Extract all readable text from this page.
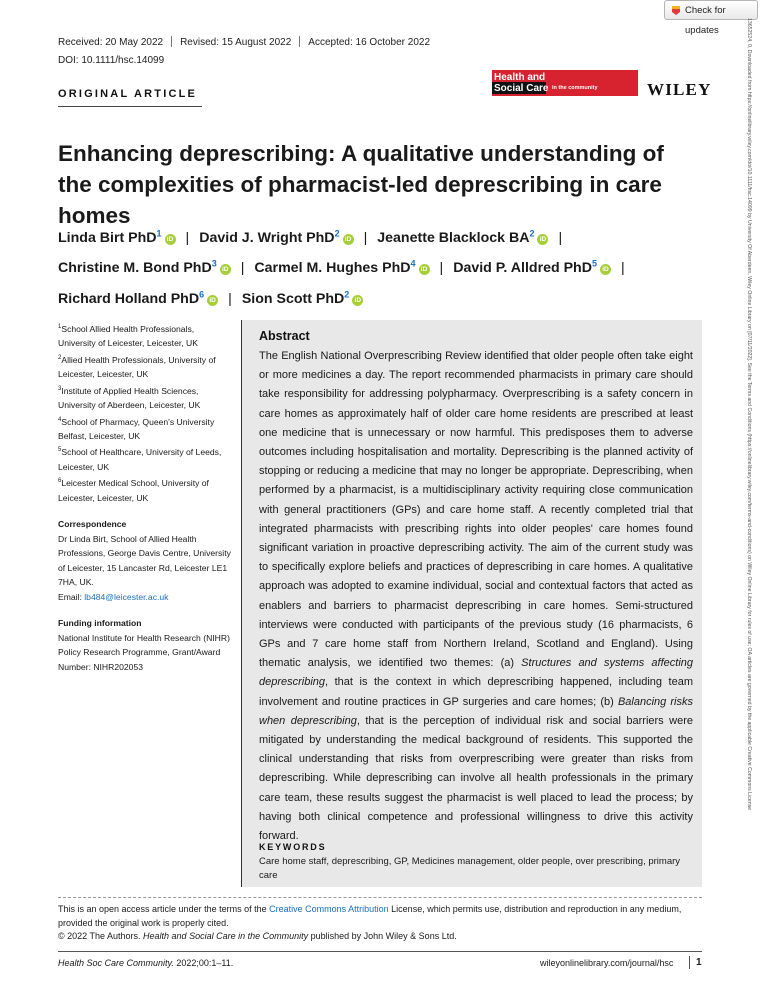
Check for updates	13652524, 0, Downloaded from https://onlinelibrary.wiley.com/doi/10.1111/hsc.14099 by University Of Aberdeen, Wiley Online Library on [07/11/2022]. See the Terms and Conditions (https://onlinelibrary.wiley.com/terms-and-conditions) on Wiley Online Library for rules of use; OA articles are governed by the applicable Creative Commons License
Received: 20 May 2022 Revised: 15 August 2022 Accepted: 16 October 2022
DOI: 10.1111/hsc.14099
ORIGINAL ARTICLE
Health and
Social Care in the community	WILEY
Enhancing deprescribing: A qualitative understanding of the complexities of pharmacist-led deprescribing in care homes
Linda Birt PhD$^1$iD | David J. Wright PhD$^2$iD | Jeanette Blacklock $BA^2iD$ |
Christine M. Bond PhD$^3$iD | Carmel M. Hughes PhD$^4$iD | David P. Alldred PhD$^5$iD |
Richard Holland PhD$^6$iD | Sion Scott PhD$^2$iD
$^1$School Allied Health Professionals, University of Leicester, Leicester, UK
$^2$Allied Health Professionals, University of Leicester, Leicester, UK
$^3$Institute of Applied Health Sciences, University of Aberdeen, Leicester, UK
$^4$School of Pharmacy, Queen's University Belfast, Leicester, UK
$^5$School of Healthcare, University of Leeds, Leicester, UK
$^6$Leicester Medical School, University of Leicester, Leicester, UK
Correspondence
Dr Linda Birt, School of Allied Health Professions, George Davis Centre, University of Leicester, 15 Lancaster Rd, Leicester LE1 7HA, UK.
Email: lb484@leicester.ac.uk
Funding information
National Institute for Health Research (NIHR) Policy Research Programme, Grant/Award Number: NIHR202053
Abstract
The English National Overprescribing Review identified that older people often take eight or more medicines a day. The report recommended pharmacists in primary care should take responsibility for addressing polypharmacy. Overprescribing is a safety concern in care homes as approximately half of older care home residents are prescribed at least one medicine that is unnecessary or now harmful. This predisposes them to adverse outcomes including hospitalisation and mortality. Deprescribing is the planned activity of stopping or reducing a medicine that may no longer be appropriate. Deprescribing, when performed by a pharmacist, is a multidisciplinary activity requiring close communication with general practitioners (GPs) and care home staff. A recently completed trial that integrated pharmacists with prescribing rights into older peoples' care homes found significant variation in proactive deprescribing activity. The aim of the current study was to specifically explore beliefs and practices of deprescribing in care homes. A qualitative approach was adopted to examine individual, social and contextual factors that acted as enablers and barriers to pharmacist deprescribing in care homes. Semi-structured interviews were conducted with participants of the previous study (16 pharmacists, 6 GPs and 7 care home staff from Northern Ireland, Scotland and England). Using thematic analysis, we identified two themes: (a) Structures and systems affecting deprescribing, that is the context in which deprescribing happened, including team involvement and routine practices in GP surgeries and care homes; (b) Balancing risks when deprescribing, that is the perception of individual risk and social barriers were mitigated by understanding the medical background of residents. This supported the clinical understanding that risks from overprescribing were greater than risks from deprescribing. While deprescribing can involve all health professionals in the primary care team, these results suggest the pharmacist is well placed to lead the process; by having both clinical competence and professional willingness to drive this activity forward.
KEYWORDS
Care home staff, deprescribing, GP, Medicines management, older people, over prescribing, primary care
This is an open access article under the terms of the Creative Commons Attribution License, which permits use, distribution and reproduction in any medium, provided the original work is properly cited.
© 2022 The Authors. Health and Social Care in the Community published by John Wiley & Sons Ltd.
Health Soc Care Community. 2022;00:1–11.	wileyonlinelibrary.com/journal/hsc 1
